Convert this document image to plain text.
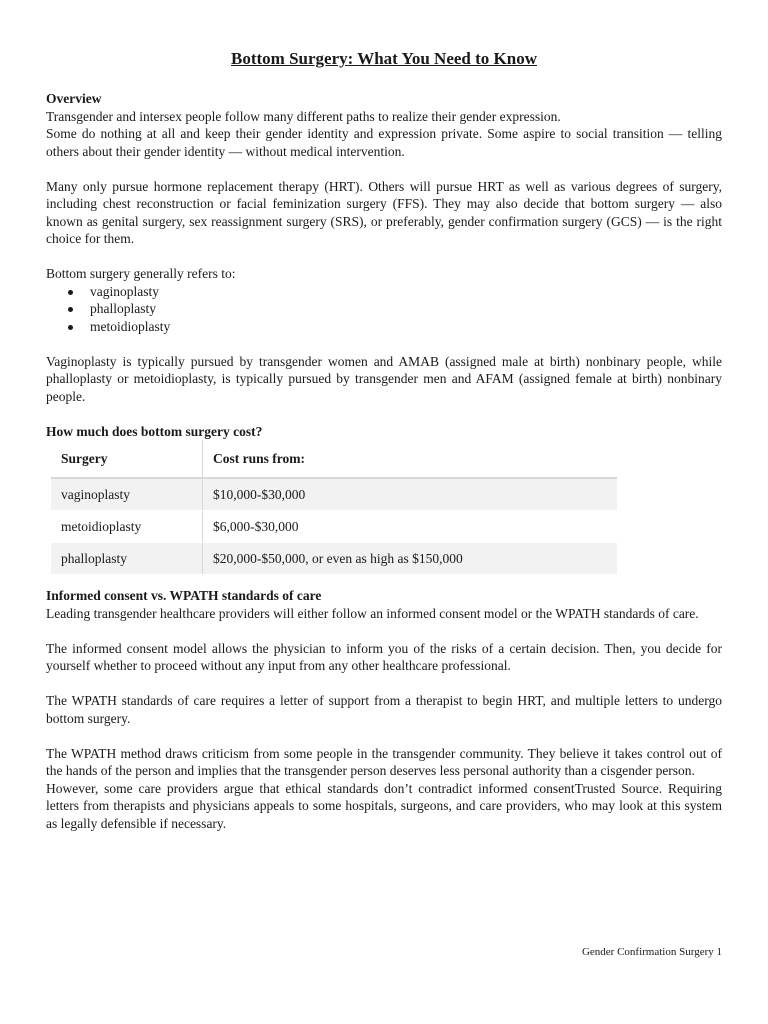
Bottom Surgery: What You Need to Know
Overview

Transgender and intersex people follow many different paths to realize their gender expression.

Some do nothing at all and keep their gender identity and expression private. Some aspire to social transition — telling others about their gender identity — without medical intervention.

Many only pursue hormone replacement therapy (HRT). Others will pursue HRT as well as various degrees of surgery, including chest reconstruction or facial feminization surgery (FFS). They may also decide that bottom surgery — also known as genital surgery, sex reassignment surgery (SRS), or preferably, gender confirmation surgery (GCS) — is the right choice for them.

Bottom surgery generally refers to:

vaginoplasty
phalloplasty
metoidioplasty

Vaginoplasty is typically pursued by transgender women and AMAB (assigned male at birth) nonbinary people, while phalloplasty or metoidioplasty, is typically pursued by transgender men and AFAM (assigned female at birth) nonbinary people.

How much does bottom surgery cost?
Surgery	Cost runs from:
vaginoplasty	$10,000-$30,000
metoidioplasty	$6,000-$30,000
phalloplasty	$20,000-$50,000, or even as high as $150,000
Informed consent vs. WPATH standards of care

Leading transgender healthcare providers will either follow an informed consent model or the WPATH standards of care.

The informed consent model allows the physician to inform you of the risks of a certain decision. Then, you decide for yourself whether to proceed without any input from any other healthcare professional.

The WPATH standards of care requires a letter of support from a therapist to begin HRT, and multiple letters to undergo bottom surgery.

The WPATH method draws criticism from some people in the transgender community. They believe it takes control out of the hands of the person and implies that the transgender person deserves less personal authority than a cisgender person.

However, some care providers argue that ethical standards don’t contradict informed consentTrusted Source. Requiring letters from therapists and physicians appeals to some hospitals, surgeons, and care providers, who may look at this system as legally defensible if necessary.

Gender Confirmation Surgery 1
